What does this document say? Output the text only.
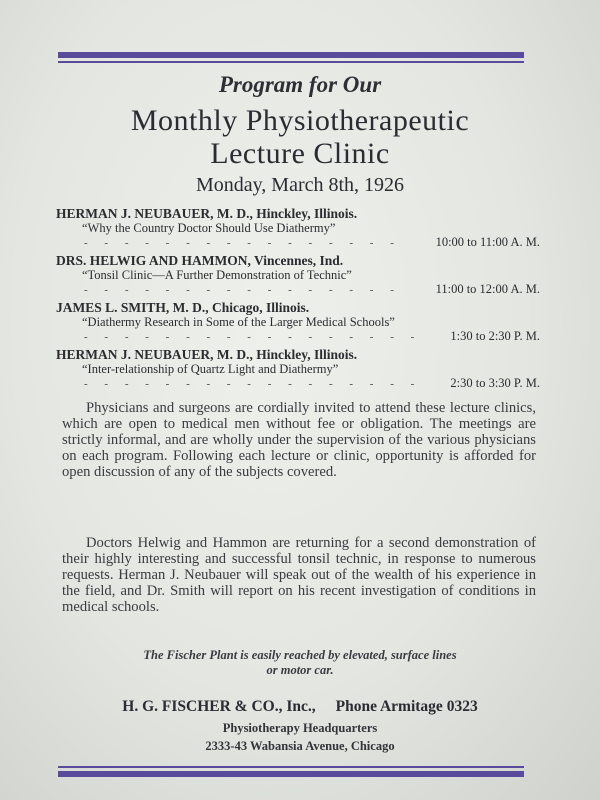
Program for Our
Monthly Physiotherapeutic
Lecture Clinic
Monday, March 8th, 1926
HERMAN J. NEUBAUER, M. D., Hinckley, Illinois.
“Why the Country Doctor Should Use Diathermy”
- - - - - - - - - - - - - - - -	10:00 to 11:00 A. M.
DRS. HELWIG AND HAMMON, Vincennes, Ind.
“Tonsil Clinic—A Further Demonstration of Technic”
- - - - - - - - - - - - - - - -	11:00 to 12:00 A. M.
JAMES L. SMITH, M. D., Chicago, Illinois.
“Diathermy Research in Some of the Larger Medical Schools”
- - - - - - - - - - - - - - - - - 1:30 to 2:30 P. M.
HERMAN J. NEUBAUER, M. D., Hinckley, Illinois.
“Inter-relationship of Quartz Light and Diathermy”
- - - - - - - - - - - - - - - - - 2:30 to 3:30 P. M.
Physicians and surgeons are cordially invited to attend these lecture clinics, which are open to medical men without fee or obligation. The meetings are strictly informal, and are wholly under the supervision of the various physicians on each program. Following each lecture or clinic, opportunity is afforded for open discussion of any of the subjects covered.
Doctors Helwig and Hammon are returning for a second demonstration of their highly interesting and successful tonsil technic, in response to numerous requests. Herman J. Neubauer will speak out of the wealth of his experience in the field, and Dr. Smith will report on his recent investigation of conditions in medical schools.
The Fischer Plant is easily reached by elevated, surface lines
or motor car.
H. G. FISCHER & CO., Inc., Phone Armitage 0323
Physiotherapy Headquarters
2333-43 Wabansia Avenue, Chicago
